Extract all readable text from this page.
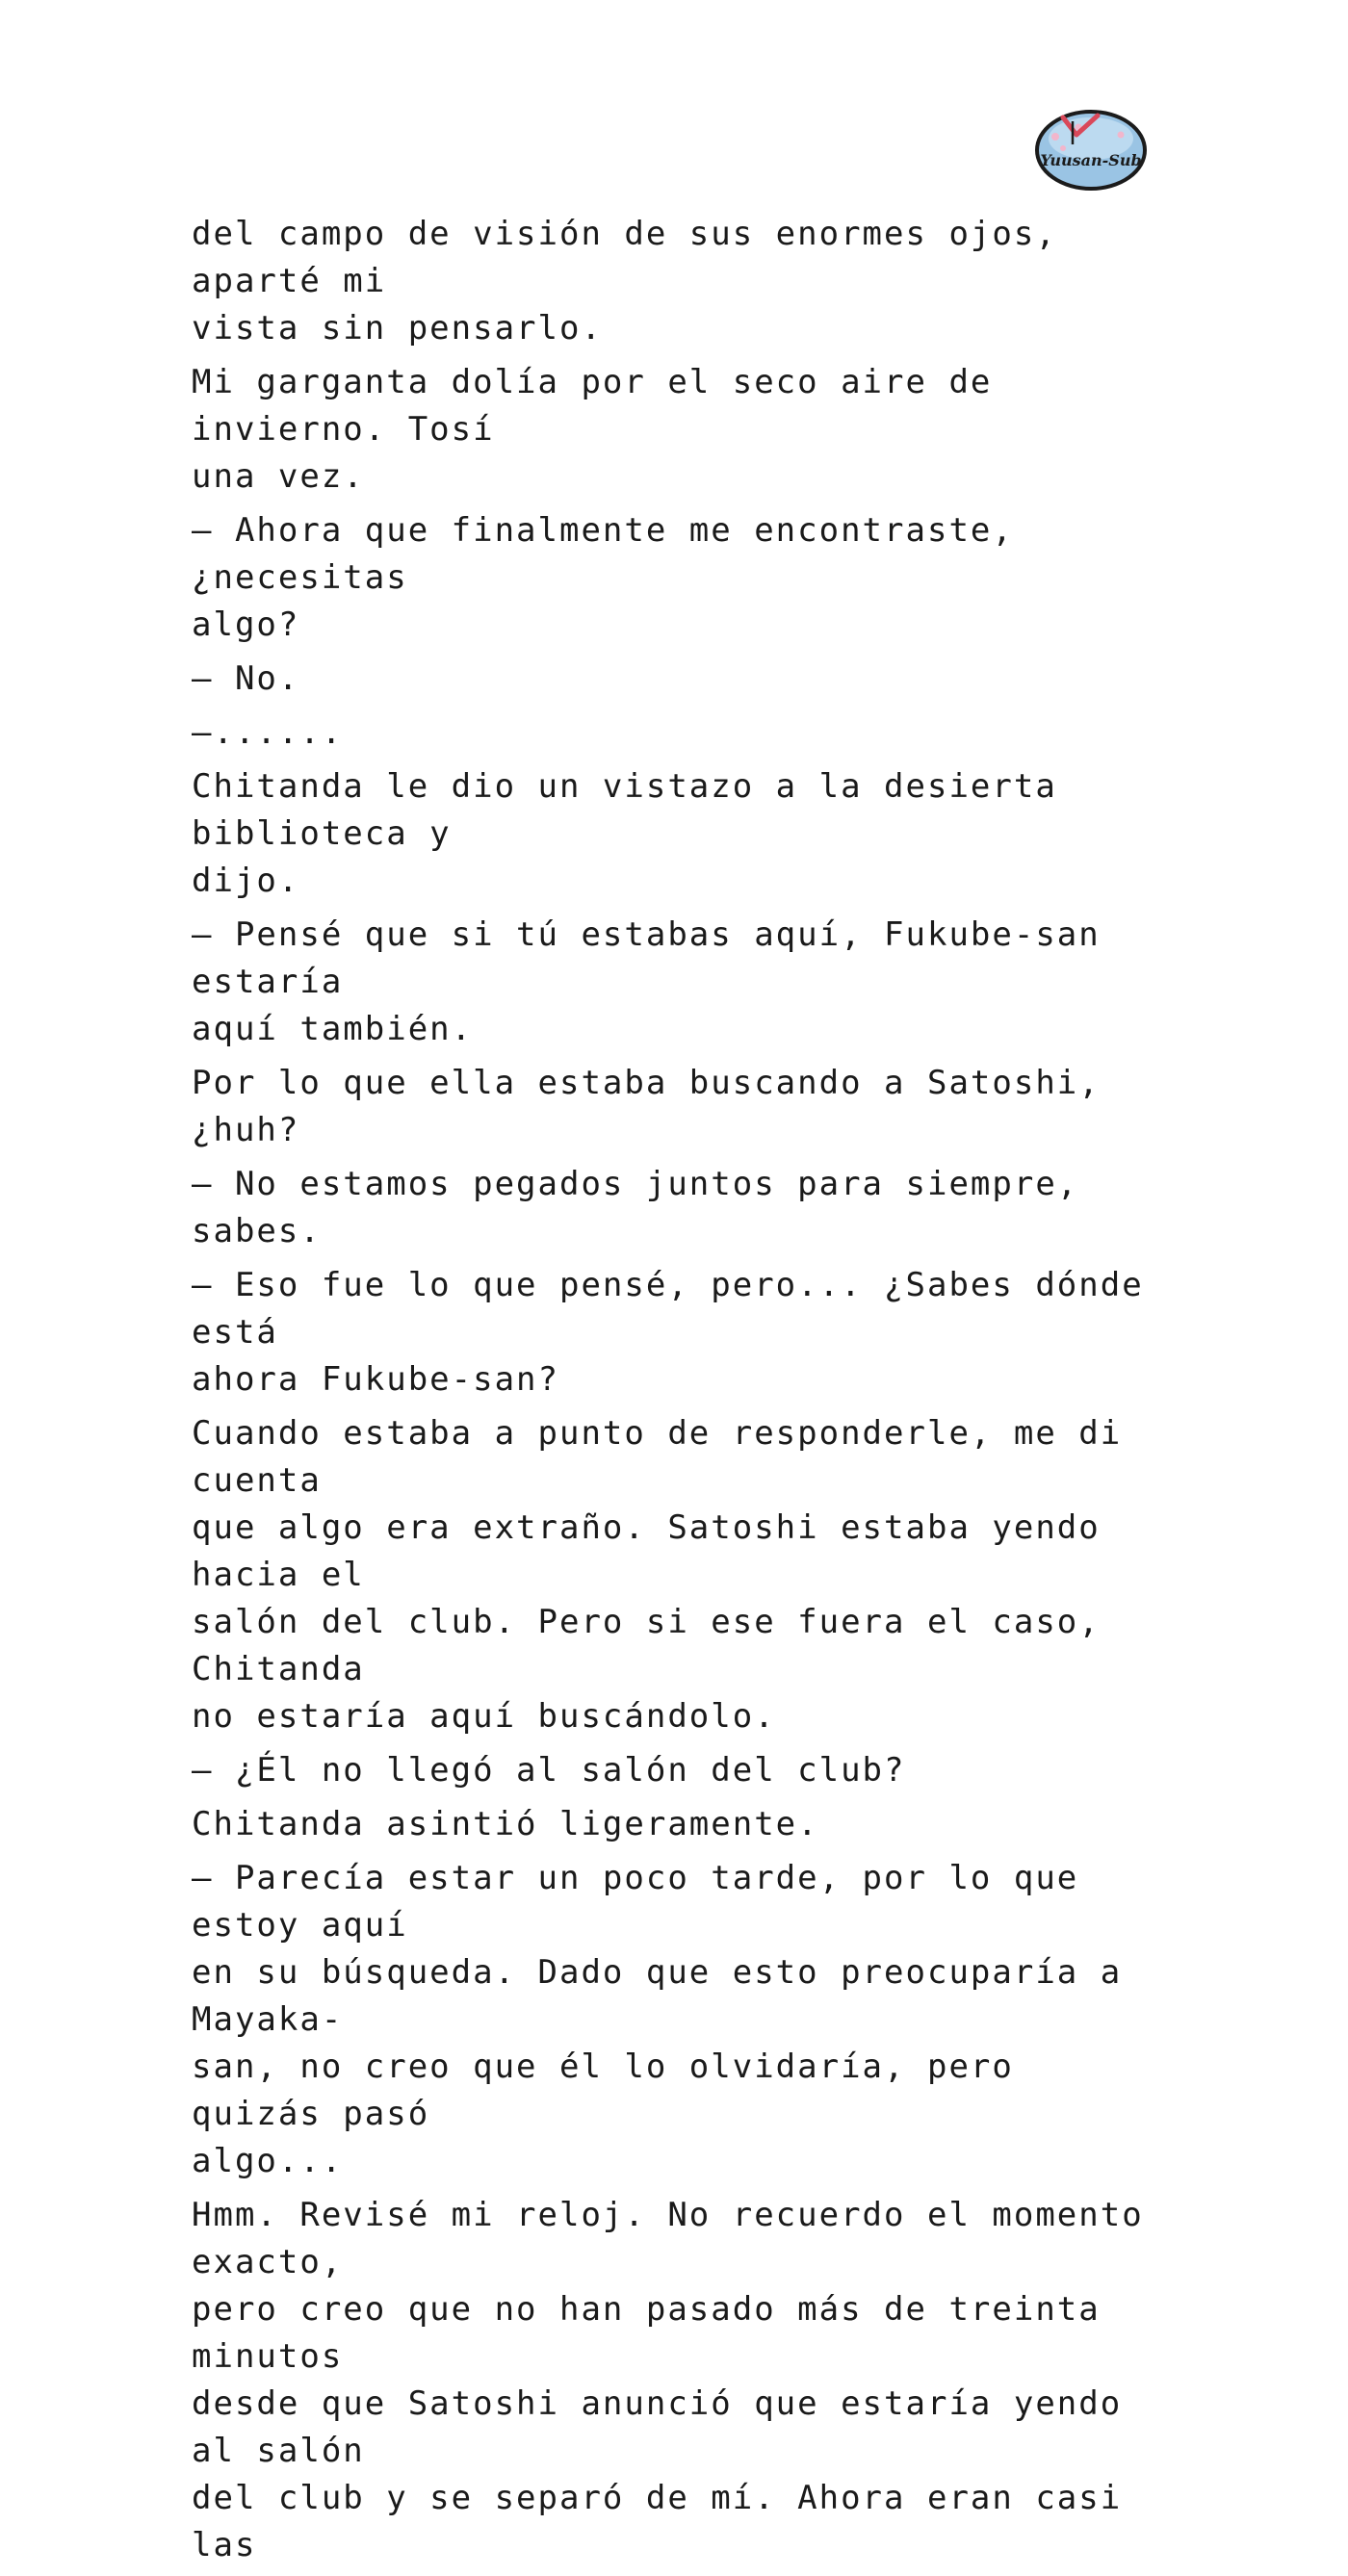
Yuusan-Sub

del campo de visión de sus enormes ojos, aparté mi
vista sin pensarlo.

Mi garganta dolía por el seco aire de invierno. Tosí
una vez.

– Ahora que finalmente me encontraste, ¿necesitas
algo?

– No.

–......

Chitanda le dio un vistazo a la desierta biblioteca y
dijo.

– Pensé que si tú estabas aquí, Fukube-san estaría
aquí también.

Por lo que ella estaba buscando a Satoshi, ¿huh?

– No estamos pegados juntos para siempre, sabes.

– Eso fue lo que pensé, pero... ¿Sabes dónde está
ahora Fukube-san?

Cuando estaba a punto de responderle, me di cuenta
que algo era extraño. Satoshi estaba yendo hacia el
salón del club. Pero si ese fuera el caso, Chitanda
no estaría aquí buscándolo.

– ¿Él no llegó al salón del club?

Chitanda asintió ligeramente.

– Parecía estar un poco tarde, por lo que estoy aquí
en su búsqueda. Dado que esto preocuparía a Mayaka-
san, no creo que él lo olvidaría, pero quizás pasó
algo...

Hmm. Revisé mi reloj. No recuerdo el momento exacto,
pero creo que no han pasado más de treinta minutos
desde que Satoshi anunció que estaría yendo al salón
del club y se separó de mí. Ahora eran casi las
